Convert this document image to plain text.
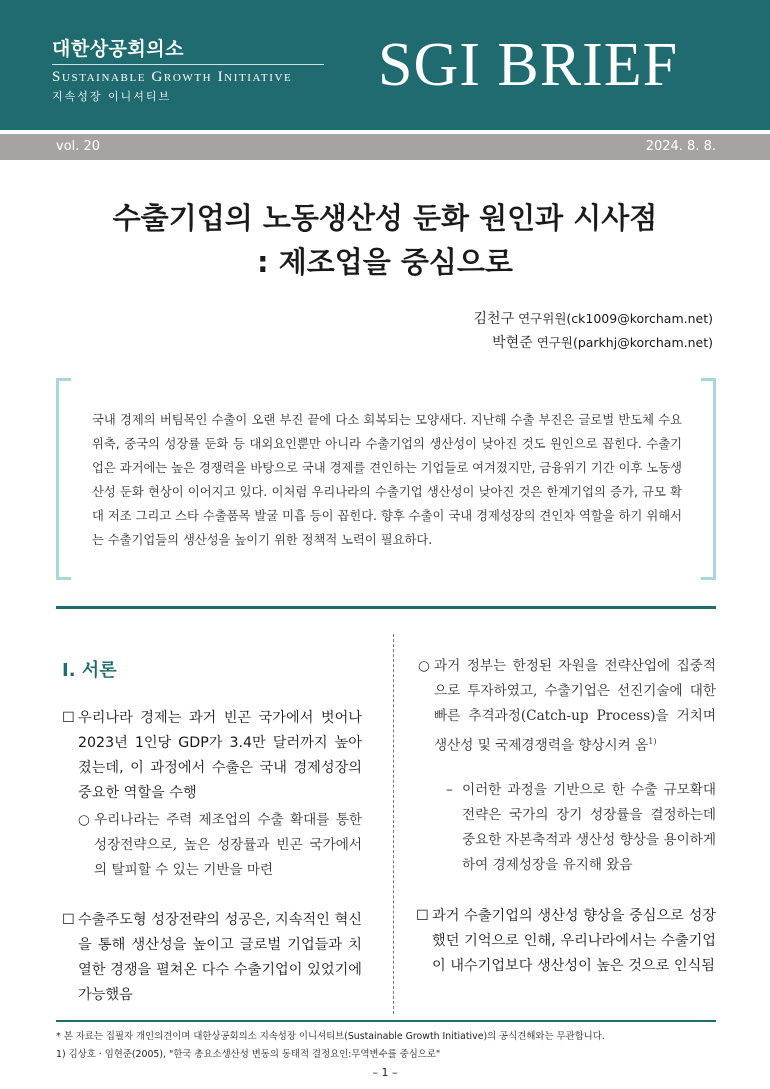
대한상공회의소
Sustainable Growth Initiative
지속성장 이니셔티브	SGI BRIEF
vol. 20	2024. 8. 8.
수출기업의 노동생산성 둔화 원인과 시사점
: 제조업을 중심으로
김천구 연구위원(ck1009@korcham.net)
박현준 연구원(parkhj@korcham.net)
국내 경제의 버팀목인 수출이 오랜 부진 끝에 다소 회복되는 모양새다. 지난해 수출 부진은 글로벌 반도체 수요 위축, 중국의 성장률 둔화 등 대외요인뿐만 아니라 수출기업의 생산성이 낮아진 것도 원인으로 꼽힌다. 수출기업은 과거에는 높은 경쟁력을 바탕으로 국내 경제를 견인하는 기업들로 여겨졌지만, 금융위기 기간 이후 노동생산성 둔화 현상이 이어지고 있다. 이처럼 우리나라의 수출기업 생산성이 낮아진 것은 한계기업의 증가, 규모 확대 저조 그리고 스타 수출품목 발굴 미흡 등이 꼽힌다. 향후 수출이 국내 경제성장의 견인차 역할을 하기 위해서는 수출기업들의 생산성을 높이기 위한 정책적 노력이 필요하다.
Ⅰ. 서론
☐ 우리나라 경제는 과거 빈곤 국가에서 벗어나 2023년 1인당 GDP가 3.4만 달러까지 높아졌는데, 이 과정에서 수출은 국내 경제성장의 중요한 역할을 수행
○ 우리나라는 주력 제조업의 수출 확대를 통한 성장전략으로, 높은 성장률과 빈곤 국가에서의 탈피할 수 있는 기반을 마련
☐ 수출주도형 성장전략의 성공은, 지속적인 혁신을 통해 생산성을 높이고 글로벌 기업들과 치열한 경쟁을 펼쳐온 다수 수출기업이 있었기에 가능했음
○ 과거 정부는 한정된 자원을 전략산업에 집중적으로 투자하였고, 수출기업은 선진기술에 대한 빠른 추격과정(Catch-up Process)을 거치며 생산성 및 국제경쟁력을 향상시켜 옴$^{1)}$
– 이러한 과정을 기반으로 한 수출 규모확대 전략은 국가의 장기 성장률을 결정하는데 중요한 자본축적과 생산성 향상을 용이하게 하여 경제성장을 유지해 왔음
☐ 과거 수출기업의 생산성 향상을 중심으로 성장했던 기억으로 인해, 우리나라에서는 수출기업이 내수기업보다 생산성이 높은 것으로 인식됨
* 본 자료는 집필자 개인의견이며 대한상공회의소 지속성장 이니셔티브(Sustainable Growth Initiative)의 공식견해와는 무관합니다.
1) 김상호 · 임현준(2005), "한국 총요소생산성 변동의 동태적 결정요인:무역변수를 중심으로"
– 1 –
